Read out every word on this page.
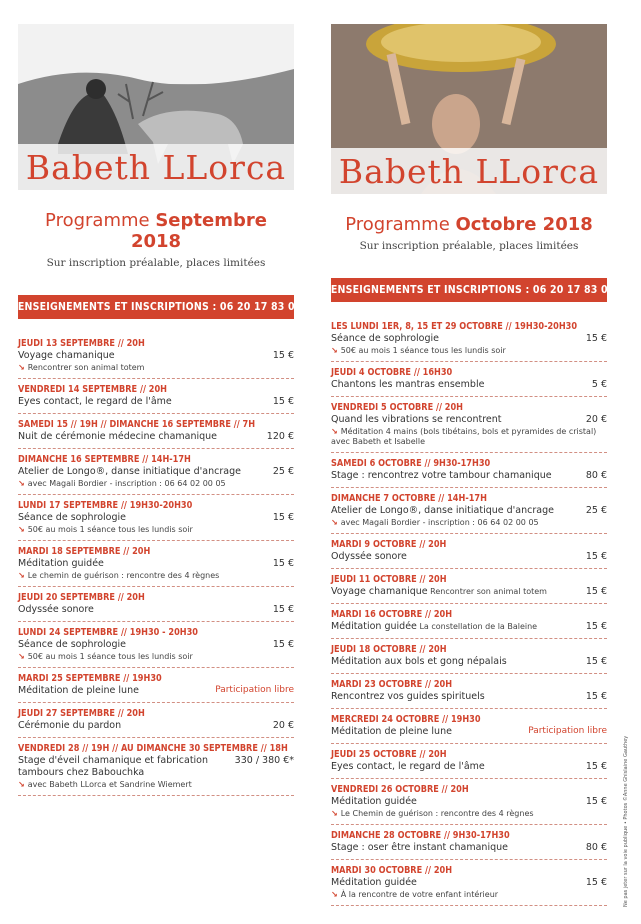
Babeth LLorca
Programme Septembre 2018
Sur inscription préalable, places limitées
RENSEIGNEMENTS ET INSCRIPTIONS : 06 20 17 83 07
JEUDI 13 SEPTEMBRE // 20H
Voyage chamanique	15 €
↘ Rencontrer son animal totem
VENDREDI 14 SEPTEMBRE // 20H
Eyes contact, le regard de l'âme	15 €
SAMEDI 15 // 19H // DIMANCHE 16 SEPTEMBRE // 7H
Nuit de cérémonie médecine chamanique	120 €
DIMANCHE 16 SEPTEMBRE // 14H-17H
Atelier de Longo®, danse initiatique d'ancrage	25 €
↘ avec Magali Bordier - inscription : 06 64 02 00 05
LUNDI 17 SEPTEMBRE // 19H30-20H30
Séance de sophrologie	15 €
↘ 50€ au mois 1 séance tous les lundis soir
MARDI 18 SEPTEMBRE // 20H
Méditation guidée	15 €
↘ Le chemin de guérison : rencontre des 4 règnes
JEUDI 20 SEPTEMBRE // 20H
Odyssée sonore	15 €
LUNDI 24 SEPTEMBRE // 19H30 - 20H30
Séance de sophrologie	15 €
↘ 50€ au mois 1 séance tous les lundis soir
MARDI 25 SEPTEMBRE // 19H30
Méditation de pleine lune	Participation libre
JEUDI 27 SEPTEMBRE // 20H
Cérémonie du pardon	20 €
VENDREDI 28 // 19H // AU DIMANCHE 30 SEPTEMBRE // 18H
Stage d'éveil chamanique et fabrication tambours chez Babouchka
330 / 380 €*
↘ avec Babeth LLorca et Sandrine Wiemert
Babeth LLorca
Programme Octobre 2018
Sur inscription préalable, places limitées
RENSEIGNEMENTS ET INSCRIPTIONS : 06 20 17 83 07
LES LUNDI 1ER, 8, 15 ET 29 OCTOBRE // 19H30-20H30
Séance de sophrologie	15 €
↘ 50€ au mois 1 séance tous les lundis soir
JEUDI 4 OCTOBRE // 16H30
Chantons les mantras ensemble	5 €
VENDREDI 5 OCTOBRE // 20H
Quand les vibrations se rencontrent	20 €
↘ Méditation 4 mains (bols tibétains, bols et pyramides de cristal) avec Babeth et Isabelle
SAMEDI 6 OCTOBRE // 9H30-17H30
Stage : rencontrez votre tambour chamanique	80 €
DIMANCHE 7 OCTOBRE // 14H-17H
Atelier de Longo®, danse initiatique d'ancrage	25 €
↘ avec Magali Bordier - inscription : 06 64 02 00 05
MARDI 9 OCTOBRE // 20H
Odyssée sonore	15 €
JEUDI 11 OCTOBRE // 20H
Voyage chamanique Rencontrer son animal totem	15 €
MARDI 16 OCTOBRE // 20H
Méditation guidée La constellation de la Baleine	15 €
JEUDI 18 OCTOBRE // 20H
Méditation aux bols et gong népalais	15 €
MARDI 23 OCTOBRE // 20H
Rencontrez vos guides spirituels	15 €
MERCREDI 24 OCTOBRE // 19H30
Méditation de pleine lune	Participation libre
JEUDI 25 OCTOBRE // 20H
Eyes contact, le regard de l'âme	15 €
VENDREDI 26 OCTOBRE // 20H
Méditation guidée	15 €
↘ Le Chemin de guérison : rencontre des 4 règnes
DIMANCHE 28 OCTOBRE // 9H30-17H30
Stage : oser être instant chamanique	80 €
MARDI 30 OCTOBRE // 20H
Méditation guidée	15 €
↘ À la rencontre de votre enfant intérieur	Ne pas jeter sur la voie publique • Photos ©Anne Ghislaine Gauthey
